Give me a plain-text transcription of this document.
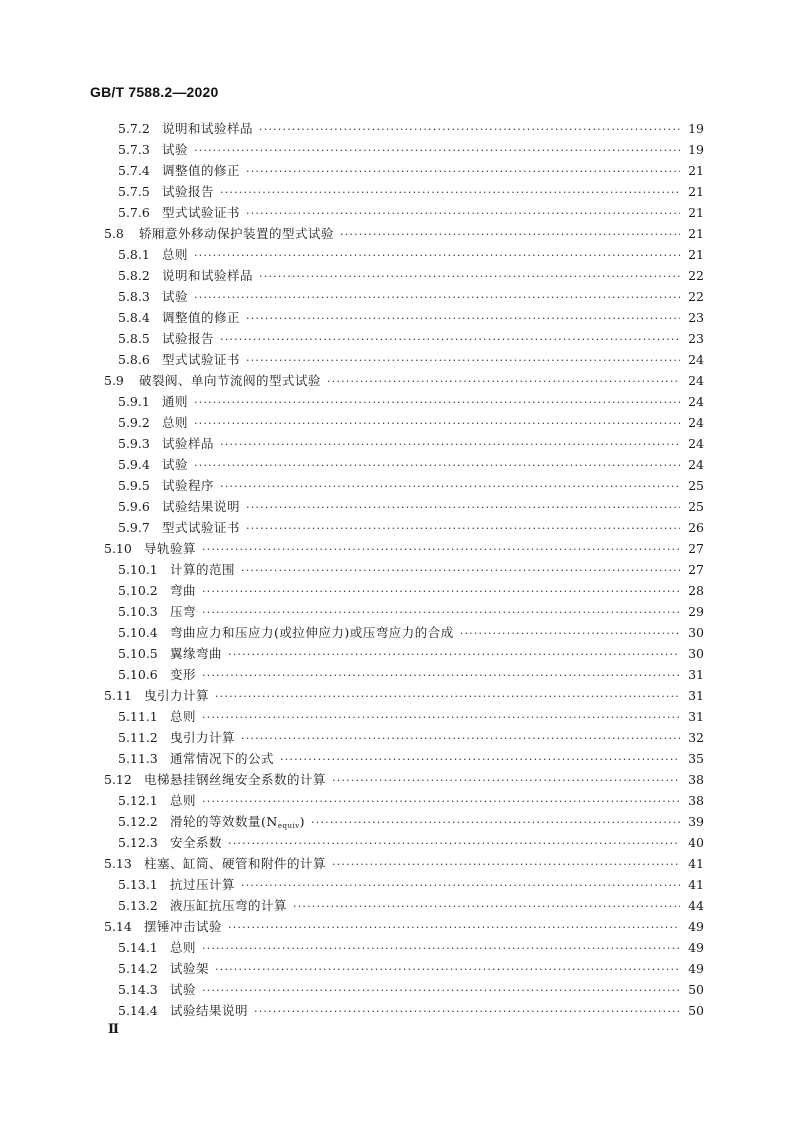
GB/T 7588.2—2020
5.7.2 说明和试验样品 ·····	19
5.7.3 试验 ·····	19
5.7.4 调整值的修正 ·····	21
5.7.5 试验报告 ·····	21
5.7.6 型式试验证书 ·····	21
5.8 轿厢意外移动保护装置的型式试验 ·····	21
5.8.1 总则 ·····	21
5.8.2 说明和试验样品 ·····	22
5.8.3 试验 ·····	22
5.8.4 调整值的修正 ·····	23
5.8.5 试验报告 ·····	23
5.8.6 型式试验证书 ·····	24
5.9 破裂阀、单向节流阀的型式试验 ·····	24
5.9.1 通则 ·····	24
5.9.2 总则 ·····	24
5.9.3 试验样品 ·····	24
5.9.4 试验 ·····	24
5.9.5 试验程序 ·····	25
5.9.6 试验结果说明 ·····	25
5.9.7 型式试验证书 ·····	26
5.10 导轨验算 ·····	27
5.10.1 计算的范围 ·····	27
5.10.2 弯曲 ·····	28
5.10.3 压弯 ·····	29
5.10.4 弯曲应力和压应力(或拉伸应力)或压弯应力的合成 ·····	30
5.10.5 翼缘弯曲 ·····	30
5.10.6 变形 ·····	31
5.11 曳引力计算 ·····	31
5.11.1 总则 ·····	31
5.11.2 曳引力计算 ·····	32
5.11.3 通常情况下的公式 ·····	35
5.12 电梯悬挂钢丝绳安全系数的计算 ·····	38
5.12.1 总则 ·····	38
5.12.2 滑轮的等效数量$(N_{equiv})$ ·····	39
5.12.3 安全系数 ·····	40
5.13 柱塞、缸筒、硬管和附件的计算 ·····	41
5.13.1 抗过压计算 ·····	41
5.13.2 液压缸抗压弯的计算 ·····	44
5.14 摆锤冲击试验 ·····	49
5.14.1 总则 ·····	49
5.14.2 试验架 ·····	49
5.14.3 试验 ·····	50
5.14.4 试验结果说明 ·····	50
Ⅱ
